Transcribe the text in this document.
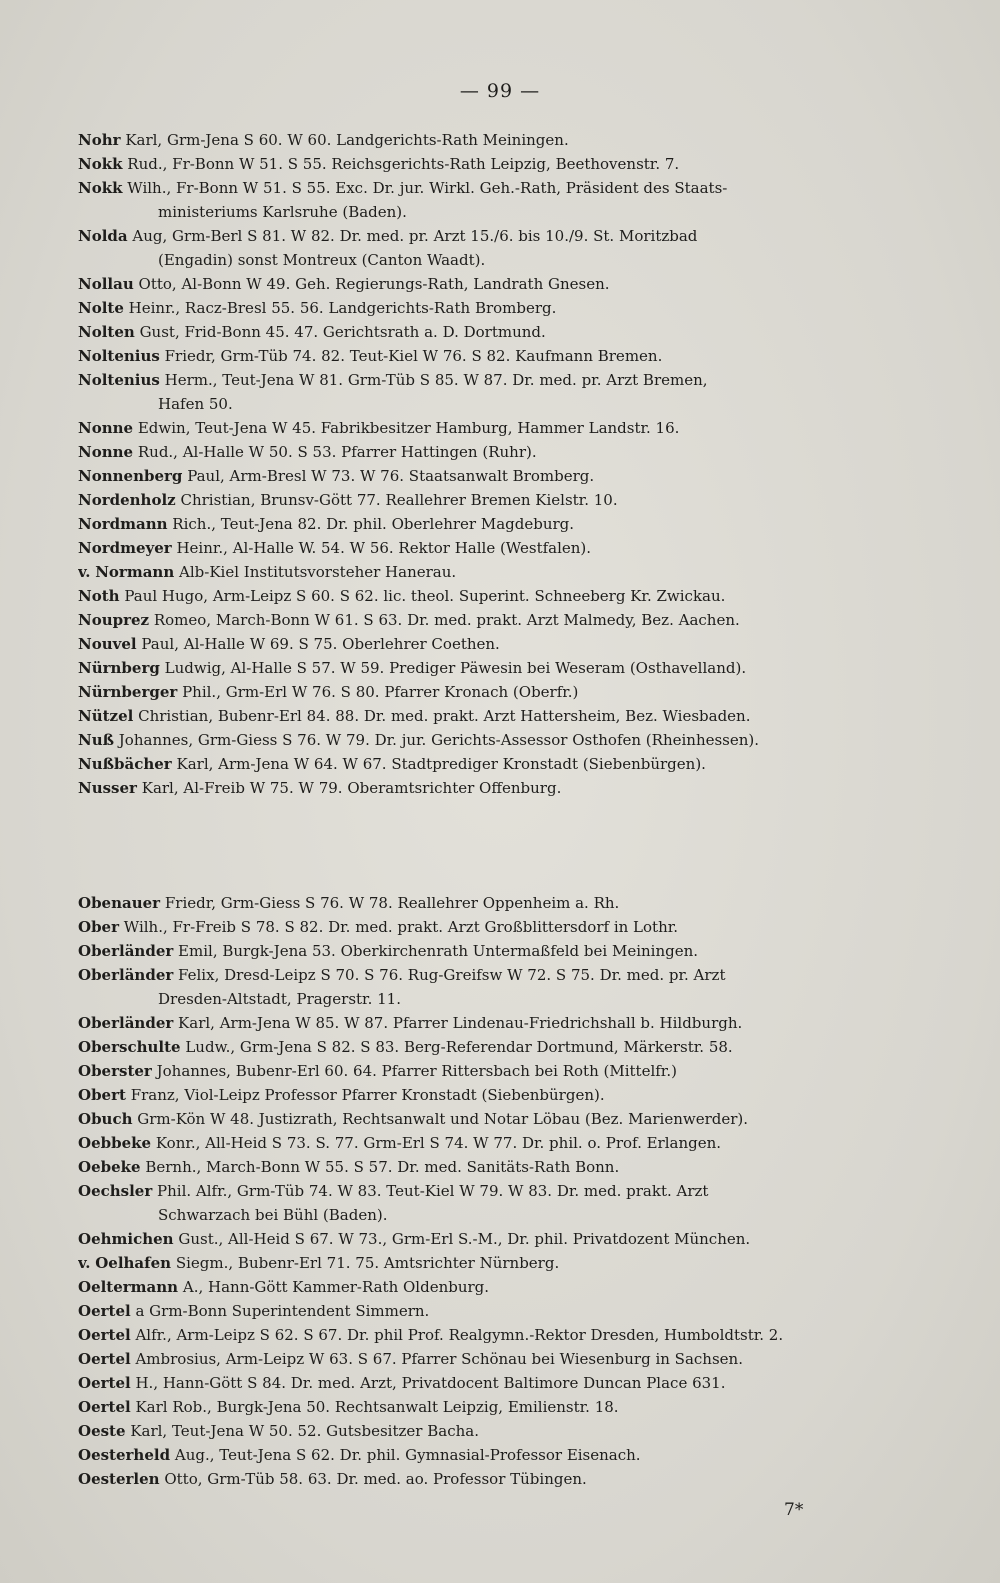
— 99 —
Nohr Karl, Grm-Jena S 60. W 60. Landgerichts-Rath Meiningen.
Nokk Rud., Fr-Bonn W 51. S 55. Reichsgerichts-Rath Leipzig, Beethovenstr. 7.
Nokk Wilh., Fr-Bonn W 51. S 55. Exc. Dr. jur. Wirkl. Geh.-Rath, Präsident des Staats-
ministeriums Karlsruhe (Baden).
Nolda Aug, Grm-Berl S 81. W 82. Dr. med. pr. Arzt 15./6. bis 10./9. St. Moritzbad
(Engadin) sonst Montreux (Canton Waadt).
Nollau Otto, Al-Bonn W 49. Geh. Regierungs-Rath, Landrath Gnesen.
Nolte Heinr., Racz-Bresl 55. 56. Landgerichts-Rath Bromberg.
Nolten Gust, Frid-Bonn 45. 47. Gerichtsrath a. D. Dortmund.
Noltenius Friedr, Grm-Tüb 74. 82. Teut-Kiel W 76. S 82. Kaufmann Bremen.
Noltenius Herm., Teut-Jena W 81. Grm-Tüb S 85. W 87. Dr. med. pr. Arzt Bremen,
Hafen 50.
Nonne Edwin, Teut-Jena W 45. Fabrikbesitzer Hamburg, Hammer Landstr. 16.
Nonne Rud., Al-Halle W 50. S 53. Pfarrer Hattingen (Ruhr).
Nonnenberg Paul, Arm-Bresl W 73. W 76. Staatsanwalt Bromberg.
Nordenholz Christian, Brunsv-Gött 77. Reallehrer Bremen Kielstr. 10.
Nordmann Rich., Teut-Jena 82. Dr. phil. Oberlehrer Magdeburg.
Nordmeyer Heinr., Al-Halle W. 54. W 56. Rektor Halle (Westfalen).
v. Normann Alb-Kiel Institutsvorsteher Hanerau.
Noth Paul Hugo, Arm-Leipz S 60. S 62. lic. theol. Superint. Schneeberg Kr. Zwickau.
Nouprez Romeo, March-Bonn W 61. S 63. Dr. med. prakt. Arzt Malmedy, Bez. Aachen.
Nouvel Paul, Al-Halle W 69. S 75. Oberlehrer Coethen.
Nürnberg Ludwig, Al-Halle S 57. W 59. Prediger Päwesin bei Weseram (Osthavelland).
Nürnberger Phil., Grm-Erl W 76. S 80. Pfarrer Kronach (Oberfr.)
Nützel Christian, Bubenr-Erl 84. 88. Dr. med. prakt. Arzt Hattersheim, Bez. Wiesbaden.
Nuß Johannes, Grm-Giess S 76. W 79. Dr. jur. Gerichts-Assessor Osthofen (Rheinhessen).
Nußbächer Karl, Arm-Jena W 64. W 67. Stadtprediger Kronstadt (Siebenbürgen).
Nusser Karl, Al-Freib W 75. W 79. Oberamtsrichter Offenburg.
Obenauer Friedr, Grm-Giess S 76. W 78. Reallehrer Oppenheim a. Rh.
Ober Wilh., Fr-Freib S 78. S 82. Dr. med. prakt. Arzt Großblittersdorf in Lothr.
Oberländer Emil, Burgk-Jena 53. Oberkirchenrath Untermaßfeld bei Meiningen.
Oberländer Felix, Dresd-Leipz S 70. S 76. Rug-Greifsw W 72. S 75. Dr. med. pr. Arzt
Dresden-Altstadt, Pragerstr. 11.
Oberländer Karl, Arm-Jena W 85. W 87. Pfarrer Lindenau-Friedrichshall b. Hildburgh.
Oberschulte Ludw., Grm-Jena S 82. S 83. Berg-Referendar Dortmund, Märkerstr. 58.
Oberster Johannes, Bubenr-Erl 60. 64. Pfarrer Rittersbach bei Roth (Mittelfr.)
Obert Franz, Viol-Leipz Professor Pfarrer Kronstadt (Siebenbürgen).
Obuch Grm-Kön W 48. Justizrath, Rechtsanwalt und Notar Löbau (Bez. Marienwerder).
Oebbeke Konr., All-Heid S 73. S. 77. Grm-Erl S 74. W 77. Dr. phil. o. Prof. Erlangen.
Oebeke Bernh., March-Bonn W 55. S 57. Dr. med. Sanitäts-Rath Bonn.
Oechsler Phil. Alfr., Grm-Tüb 74. W 83. Teut-Kiel W 79. W 83. Dr. med. prakt. Arzt
Schwarzach bei Bühl (Baden).
Oehmichen Gust., All-Heid S 67. W 73., Grm-Erl S.-M., Dr. phil. Privatdozent München.
v. Oelhafen Siegm., Bubenr-Erl 71. 75. Amtsrichter Nürnberg.
Oeltermann A., Hann-Gött Kammer-Rath Oldenburg.
Oertel a Grm-Bonn Superintendent Simmern.
Oertel Alfr., Arm-Leipz S 62. S 67. Dr. phil Prof. Realgymn.-Rektor Dresden, Humboldtstr. 2.
Oertel Ambrosius, Arm-Leipz W 63. S 67. Pfarrer Schönau bei Wiesenburg in Sachsen.
Oertel H., Hann-Gött S 84. Dr. med. Arzt, Privatdocent Baltimore Duncan Place 631.
Oertel Karl Rob., Burgk-Jena 50. Rechtsanwalt Leipzig, Emilienstr. 18.
Oeste Karl, Teut-Jena W 50. 52. Gutsbesitzer Bacha.
Oesterheld Aug., Teut-Jena S 62. Dr. phil. Gymnasial-Professor Eisenach.
Oesterlen Otto, Grm-Tüb 58. 63. Dr. med. ao. Professor Tübingen.
7*
